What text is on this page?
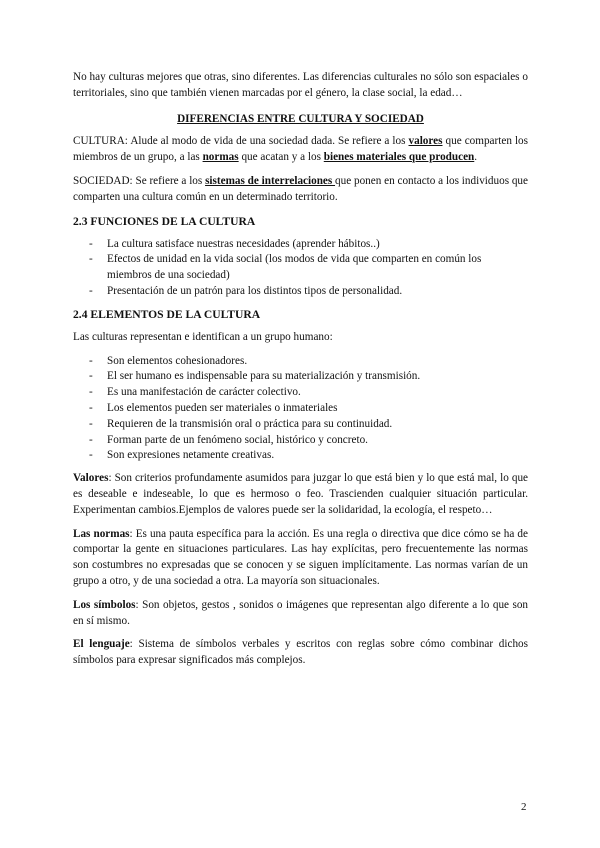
No hay culturas mejores que otras, sino diferentes. Las diferencias culturales no sólo son espaciales o territoriales, sino que también vienen marcadas por el género, la clase social, la edad…

DIFERENCIAS ENTRE CULTURA Y SOCIEDAD

CULTURA: Alude al modo de vida de una sociedad dada. Se refiere a los valores que comparten los miembros de un grupo, a las normas que acatan y a los bienes materiales que producen.

SOCIEDAD: Se refiere a los sistemas de interrelaciones que ponen en contacto a los individuos que comparten una cultura común en un determinado territorio.

2.3 FUNCIONES DE LA CULTURA
- La cultura satisface nuestras necesidades (aprender hábitos..)
- Efectos de unidad en la vida social (los modos de vida que comparten en común los miembros de una sociedad)
- Presentación de un patrón para los distintos tipos de personalidad.
2.4 ELEMENTOS DE LA CULTURA

Las culturas representan e identifican a un grupo humano:

- Son elementos cohesionadores.
- El ser humano es indispensable para su materialización y transmisión.
- Es una manifestación de carácter colectivo.
- Los elementos pueden ser materiales o inmateriales
- Requieren de la transmisión oral o práctica para su continuidad.
- Forman parte de un fenómeno social, histórico y concreto.
- Son expresiones netamente creativas.

Valores: Son criterios profundamente asumidos para juzgar lo que está bien y lo que está mal, lo que es deseable e indeseable, lo que es hermoso o feo. Trascienden cualquier situación particular. Experimentan cambios.Ejemplos de valores puede ser la solidaridad, la ecología, el respeto…

Las normas: Es una pauta específica para la acción. Es una regla o directiva que dice cómo se ha de comportar la gente en situaciones particulares. Las hay explícitas, pero frecuentemente las normas son costumbres no expresadas que se conocen y se siguen implícitamente. Las normas varían de un grupo a otro, y de una sociedad a otra. La mayoría son situacionales.

Los símbolos: Son objetos, gestos , sonidos o imágenes que representan algo diferente a lo que son en sí mismo.

El lenguaje: Sistema de símbolos verbales y escritos con reglas sobre cómo combinar dichos símbolos para expresar significados más complejos.

2
